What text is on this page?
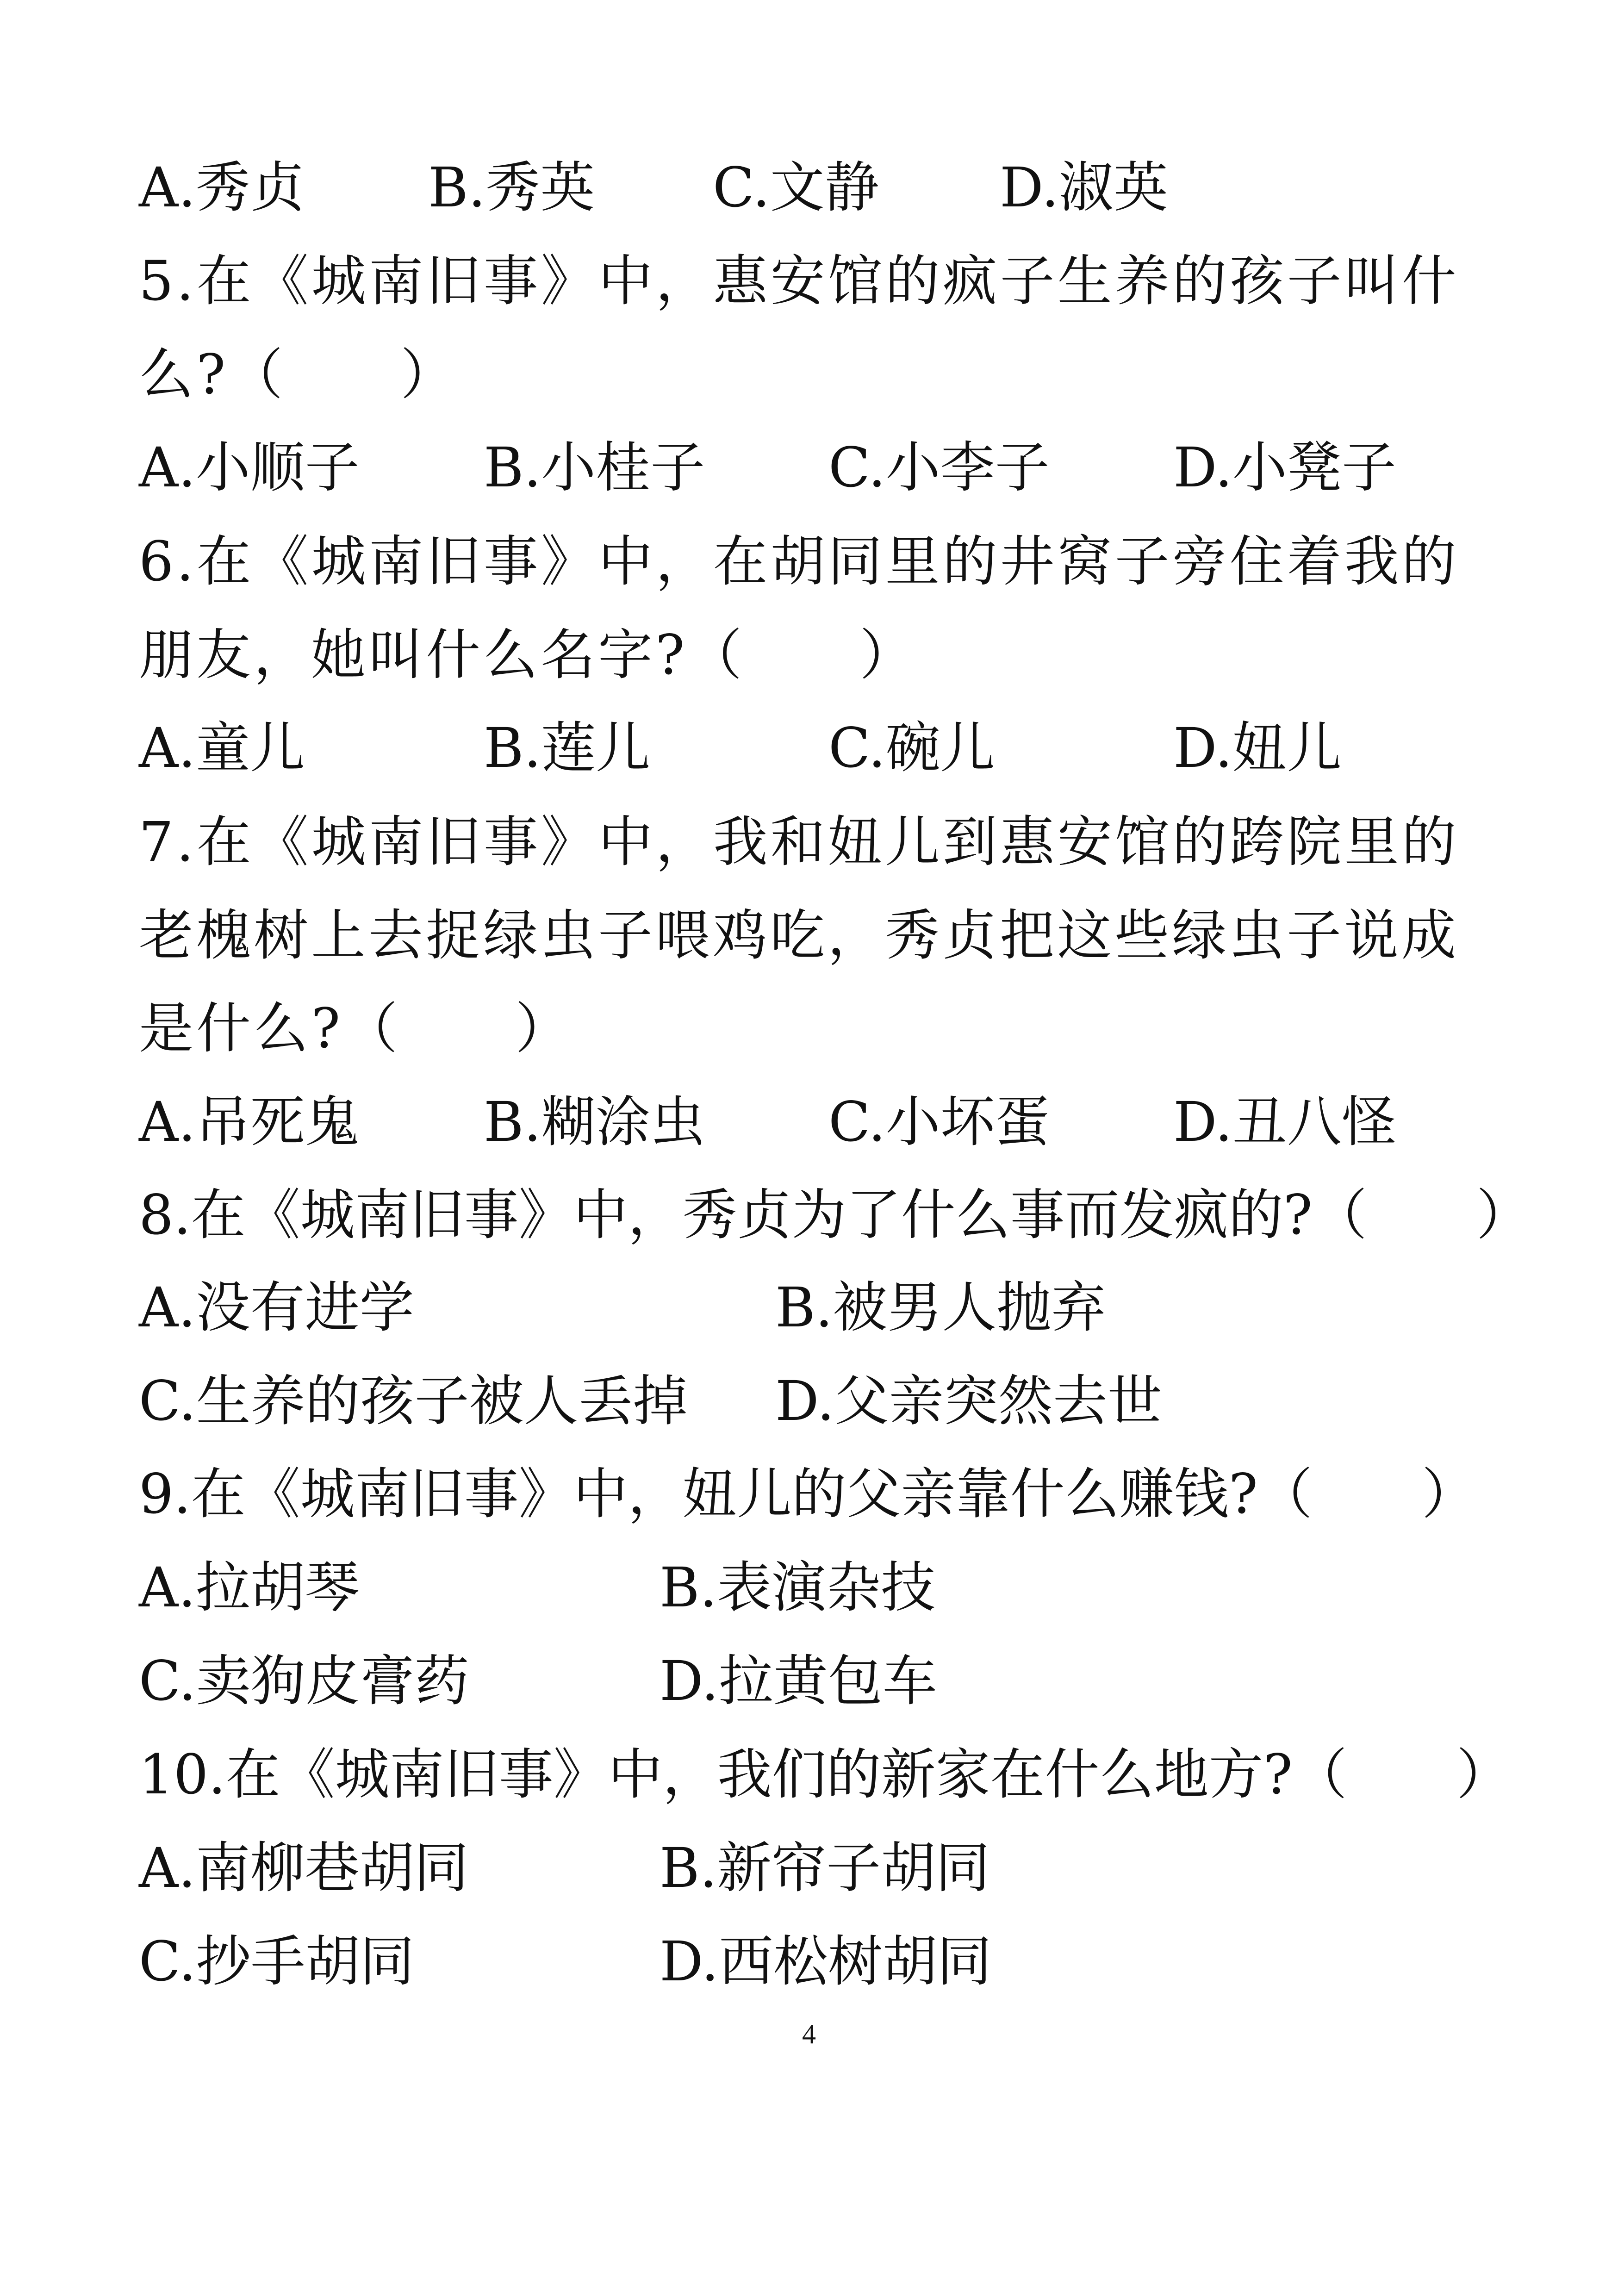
A.秀贞 B.秀英 C.文静 D.淑英
5.在《城南旧事》中，惠安馆的疯子生养的孩子叫什
么?（　　）
A.小顺子 B.小桂子 C.小李子 D.小凳子
6.在《城南旧事》中，在胡同里的井窝子旁住着我的
朋友，她叫什么名字?（　　）
A.童儿	B.莲儿	C.碗儿	D.妞儿
7.在《城南旧事》中，我和妞儿到惠安馆的跨院里的
老槐树上去捉绿虫子喂鸡吃，秀贞把这些绿虫子说成
是什么?（　　）
A.吊死鬼 B.糊涂虫 C.小坏蛋 D.丑八怪
8.在《城南旧事》中，秀贞为了什么事而发疯的?（　　）
A.没有进学	B.被男人抛弃
C.生养的孩子被人丢掉 D.父亲突然去世
9.在《城南旧事》中，妞儿的父亲靠什么赚钱?（　　）
A.拉胡琴	B.表演杂技
C.卖狗皮膏药	D.拉黄包车
10.在《城南旧事》中，我们的新家在什么地方?（　　）
A.南柳巷胡同	B.新帘子胡同
C.抄手胡同	D.西松树胡同
4
